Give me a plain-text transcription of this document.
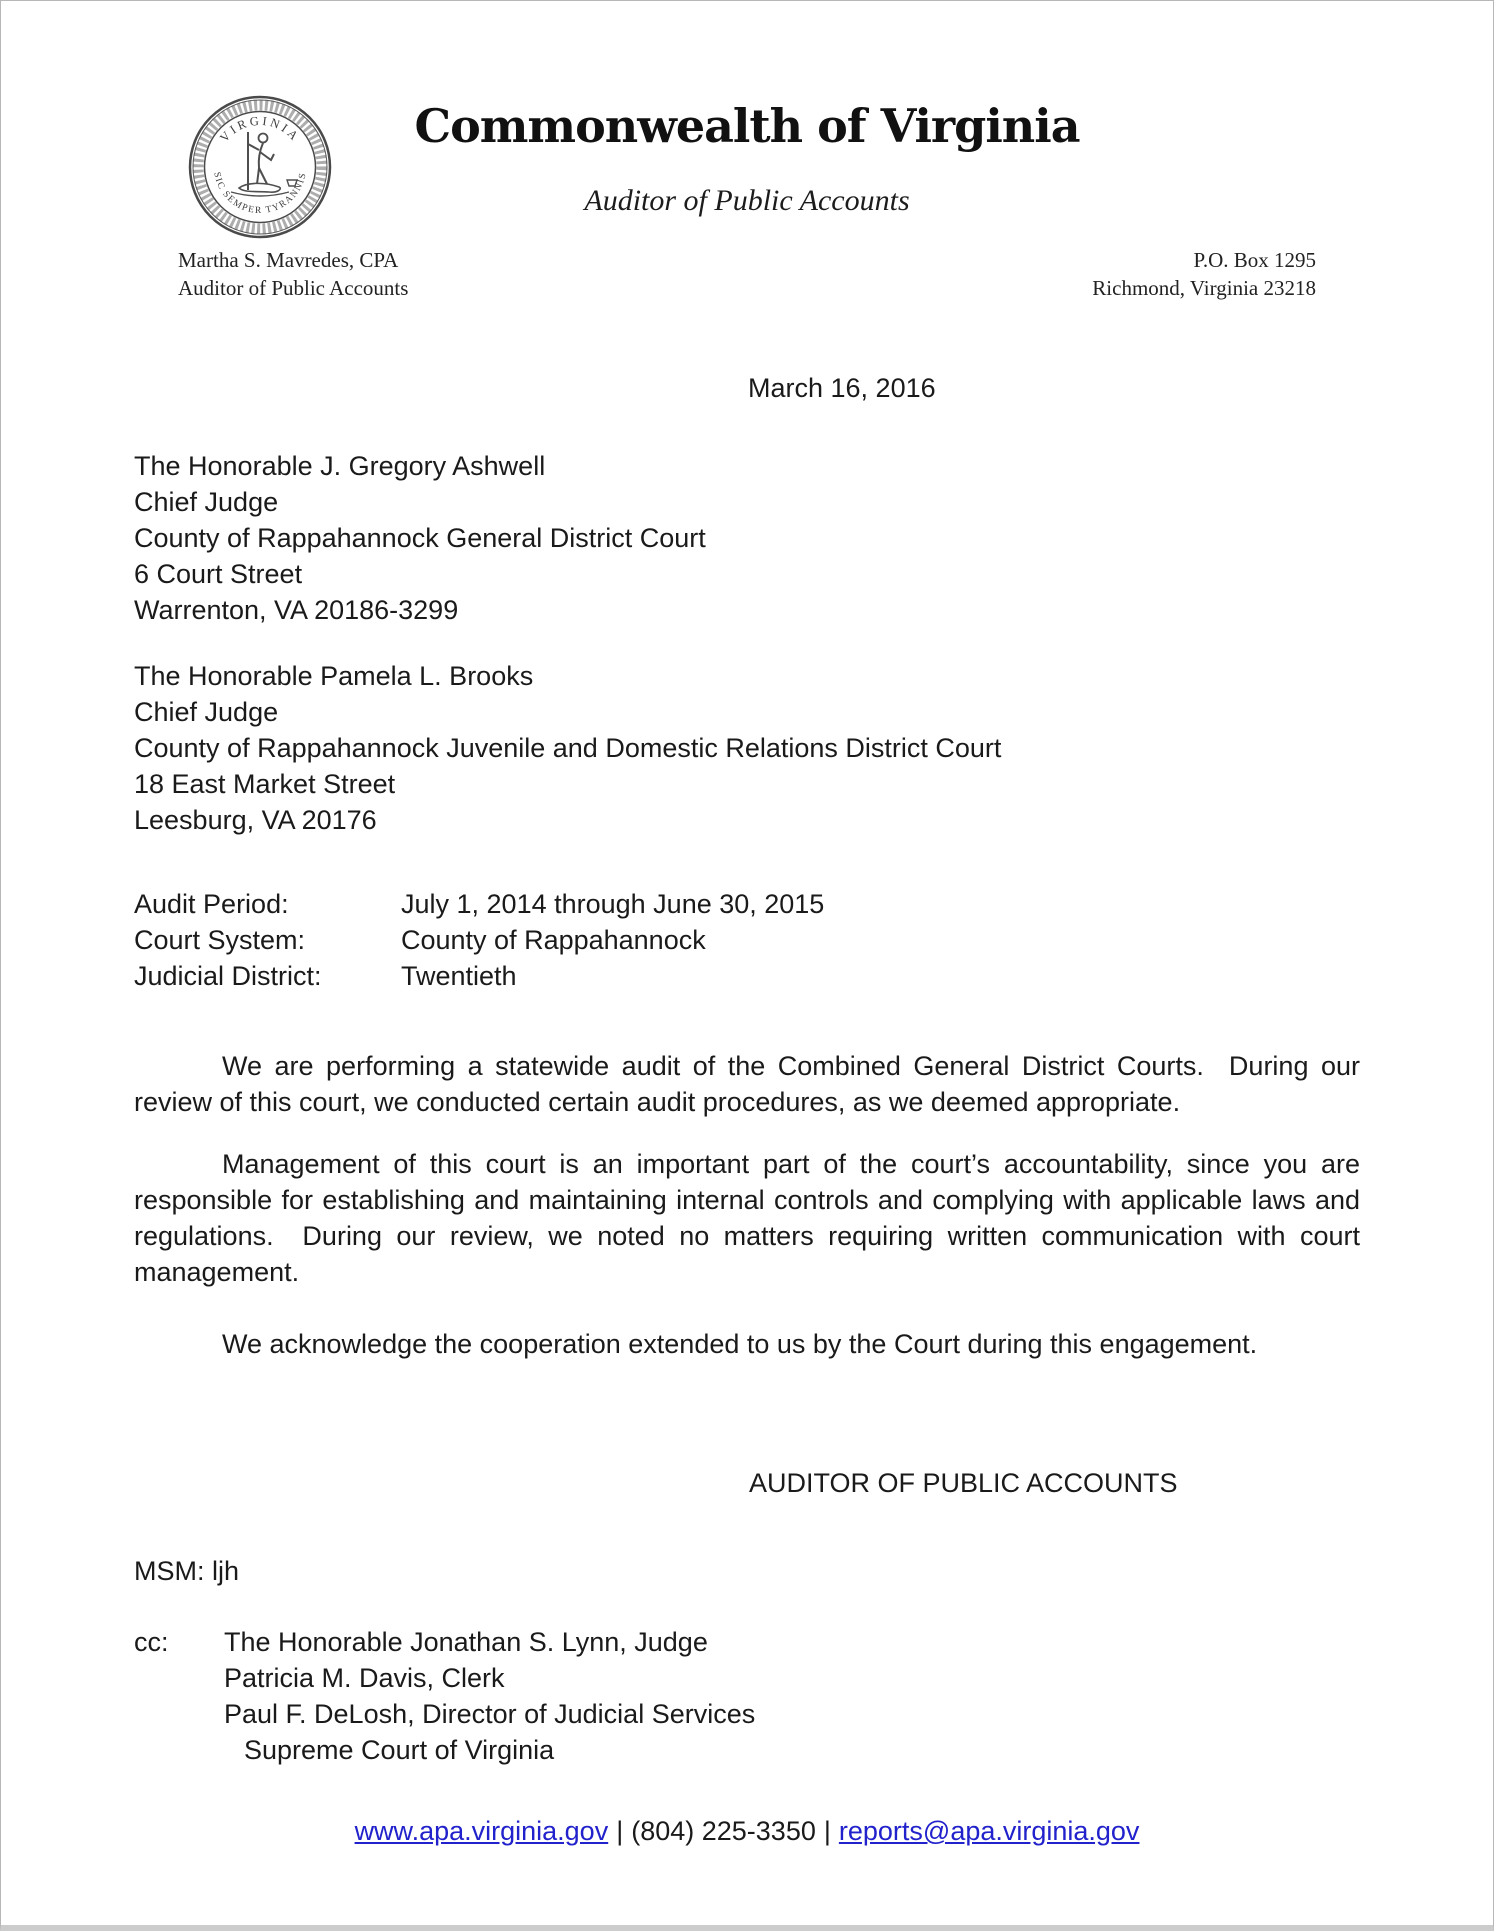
VIRGINIA
SIC SEMPER TYRANNIS
Commonwealth of Virginia
Auditor of Public Accounts
Martha S. Mavredes, CPA
Auditor of Public Accounts
P.O. Box 1295
Richmond, Virginia 23218
March 16, 2016
The Honorable J. Gregory Ashwell
Chief Judge
County of Rappahannock General District Court
6 Court Street
Warrenton, VA 20186-3299
The Honorable Pamela L. Brooks
Chief Judge
County of Rappahannock Juvenile and Domestic Relations District Court
18 East Market Street
Leesburg, VA 20176
Audit Period:	July 1, 2014 through June 30, 2015
Court System:	County of Rappahannock
Judicial District:	Twentieth

We are performing a statewide audit of the Combined General District Courts.  During our review of this court, we conducted certain audit procedures, as we deemed appropriate.

Management of this court is an important part of the court’s accountability, since you are responsible for establishing and maintaining internal controls and complying with applicable laws and regulations.  During our review, we noted no matters requiring written communication with court management.

We acknowledge the cooperation extended to us by the Court during this engagement.

AUDITOR OF PUBLIC ACCOUNTS
MSM: ljh
cc:	The Honorable Jonathan S. Lynn, Judge
Patricia M. Davis, Clerk
Paul F. DeLosh, Director of Judicial Services
Supreme Court of Virginia
www.apa.virginia.gov | (804) 225-3350 | reports@apa.virginia.gov
